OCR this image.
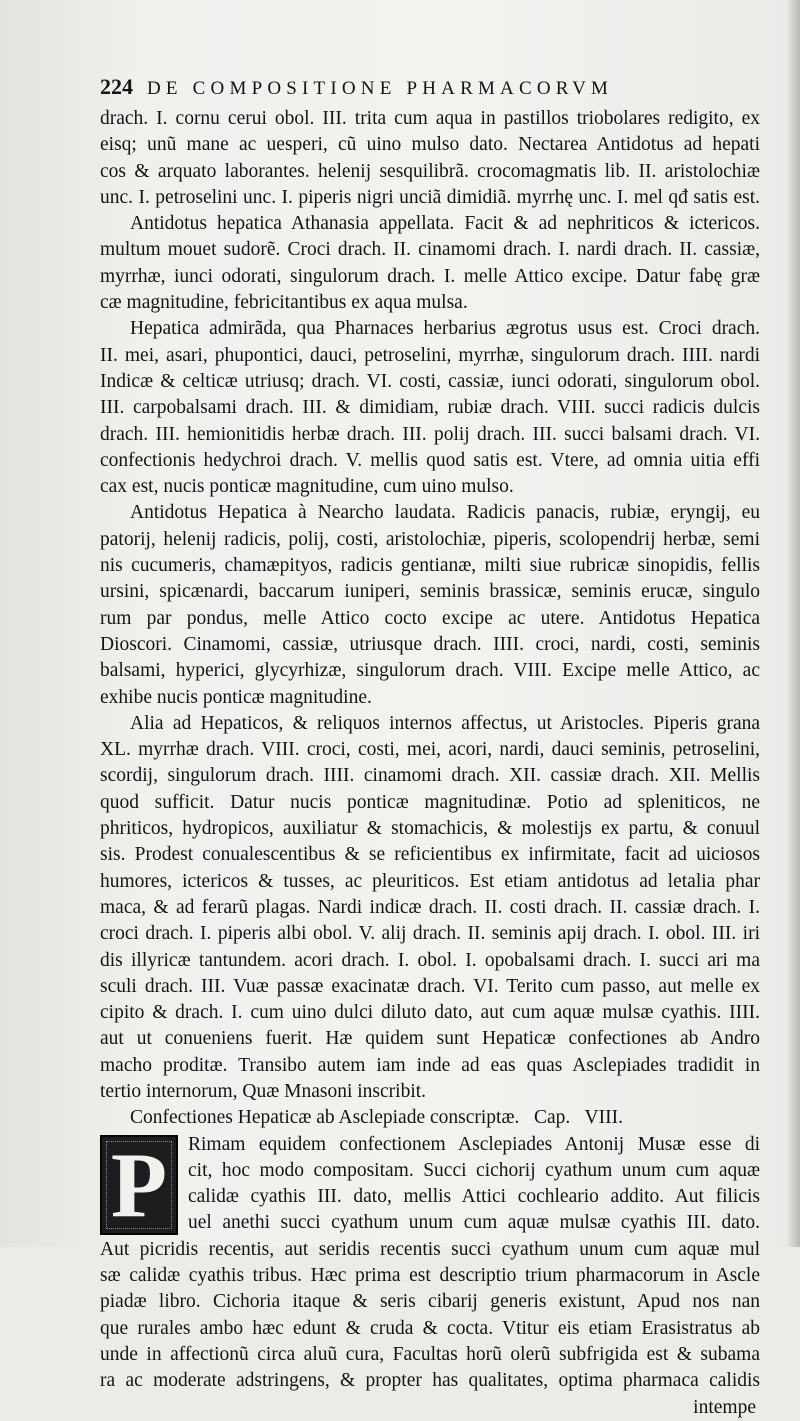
224 DE COMPOSITIONE PHARMACORVM
drach. I. cornu cerui obol. III. trita cum aqua in pastillos triobolares redigito, ex
eisq; unũ mane ac uesperi, cũ uino mulso dato. Nectarea Antidotus ad hepati
cos & arquato laborantes. helenij sesquilibrã. crocomagmatis lib. II. aristolochiæ
unc. I. petroselini unc. I. piperis nigri unciã dimidiã. myrrhę unc. I. mel qđ satis est.
Antidotus hepatica Athanasia appellata. Facit & ad nephriticos & ictericos.
multum mouet sudorẽ. Croci drach. II. cinamomi drach. I. nardi drach. II. cassiæ,
myrrhæ, iunci odorati, singulorum drach. I. melle Attico excipe. Datur fabę græ
cæ magnitudine, febricitantibus ex aqua mulsa.
Hepatica admirãda, qua Pharnaces herbarius ægrotus usus est. Croci drach.
II. mei, asari, phupontici, dauci, petroselini, myrrhæ, singulorum drach. IIII. nardi
Indicæ & celticæ utriusq; drach. VI. costi, cassiæ, iunci odorati, singulorum obol.
III. carpobalsami drach. III. & dimidiam, rubiæ drach. VIII. succi radicis dulcis
drach. III. hemionitidis herbæ drach. III. polij drach. III. succi balsami drach. VI.
confectionis hedychroi drach. V. mellis quod satis est. Vtere, ad omnia uitia effi
cax est, nucis ponticæ magnitudine, cum uino mulso.
Antidotus Hepatica à Nearcho laudata. Radicis panacis, rubiæ, eryngij, eu
patorij, helenij radicis, polij, costi, aristolochiæ, piperis, scolopendrij herbæ, semi
nis cucumeris, chamæpityos, radicis gentianæ, milti siue rubricæ sinopidis, fellis
ursini, spicænardi, baccarum iuniperi, seminis brassicæ, seminis erucæ, singulo
rum par pondus, melle Attico cocto excipe ac utere. Antidotus Hepatica
Dioscori. Cinamomi, cassiæ, utriusque drach. IIII. croci, nardi, costi, seminis
balsami, hyperici, glycyrhizæ, singulorum drach. VIII. Excipe melle Attico, ac
exhibe nucis ponticæ magnitudine.
Alia ad Hepaticos, & reliquos internos affectus, ut Aristocles. Piperis grana
XL. myrrhæ drach. VIII. croci, costi, mei, acori, nardi, dauci seminis, petroselini,
scordij, singulorum drach. IIII. cinamomi drach. XII. cassiæ drach. XII. Mellis
quod sufficit. Datur nucis ponticæ magnitudinæ. Potio ad spleniticos, ne
phriticos, hydropicos, auxiliatur & stomachicis, & molestijs ex partu, & conuul
sis. Prodest conualescentibus & se reficientibus ex infirmitate, facit ad uiciosos
humores, ictericos & tusses, ac pleuriticos. Est etiam antidotus ad letalia phar
maca, & ad ferarũ plagas. Nardi indicæ drach. II. costi drach. II. cassiæ drach. I.
croci drach. I. piperis albi obol. V. alij drach. II. seminis apij drach. I. obol. III. iri
dis illyricæ tantundem. acori drach. I. obol. I. opobalsami drach. I. succi ari ma
sculi drach. III. Vuæ passæ exacinatæ drach. VI. Terito cum passo, aut melle ex
cipito & drach. I. cum uino dulci diluto dato, aut cum aquæ mulsæ cyathis. IIII.
aut ut conueniens fuerit. Hæ quidem sunt Hepaticæ confectiones ab Andro
macho proditæ. Transibo autem iam inde ad eas quas Asclepiades tradidit in
tertio internorum, Quæ Mnasoni inscribit.
Confectiones Hepaticæ ab Asclepiade conscriptæ.   Cap.   VIII.
P Rimam equidem confectionem Asclepiades Antonij Musæ esse di
cit, hoc modo compositam. Succi cichorij cyathum unum cum aquæ
calidæ cyathis III. dato, mellis Attici cochleario addito. Aut filicis
uel anethi succi cyathum unum cum aquæ mulsæ cyathis III. dato.
Aut picridis recentis, aut seridis recentis succi cyathum unum cum aquæ mul
sæ calidæ cyathis tribus. Hæc prima est descriptio trium pharmacorum in Ascle
piadæ libro. Cichoria itaque & seris cibarij generis existunt, Apud nos nan
que rurales ambo hæc edunt & cruda & cocta. Vtitur eis etiam Erasistratus ab
unde in affectionũ circa aluũ cura, Facultas horũ olerũ subfrigida est & subama
ra ac moderate adstringens, & propter has qualitates, optima pharmaca calidis
intempe
